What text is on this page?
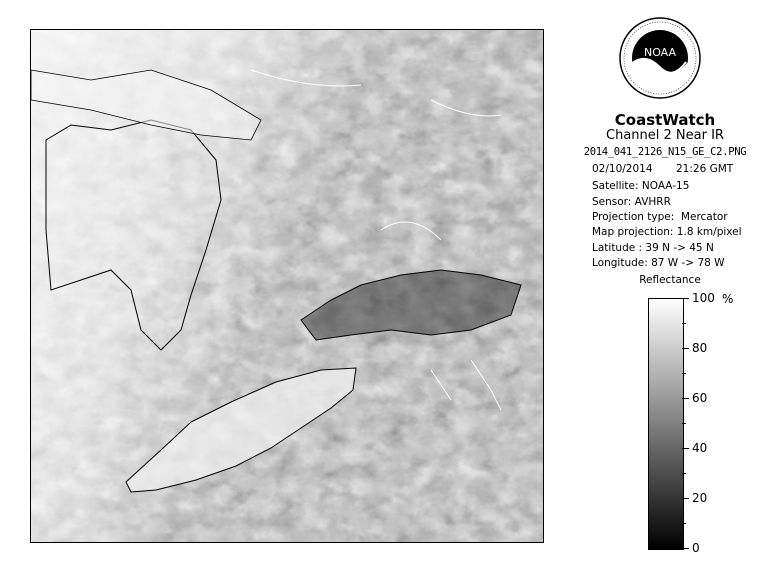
NOAA
CoastWatch
Channel 2 Near IR
2014_041_2126_N15_GE_C2.PNG
02/10/2014 21:26 GMT
Satellite: NOAA-15
Sensor: AVHRR
Projection type:  Mercator
Map projection: 1.8 km/pixel
Latitude : 39 N -> 45 N
Longitude: 87 W -> 78 W
Reflectance
%
100
80
60
40
20
0
